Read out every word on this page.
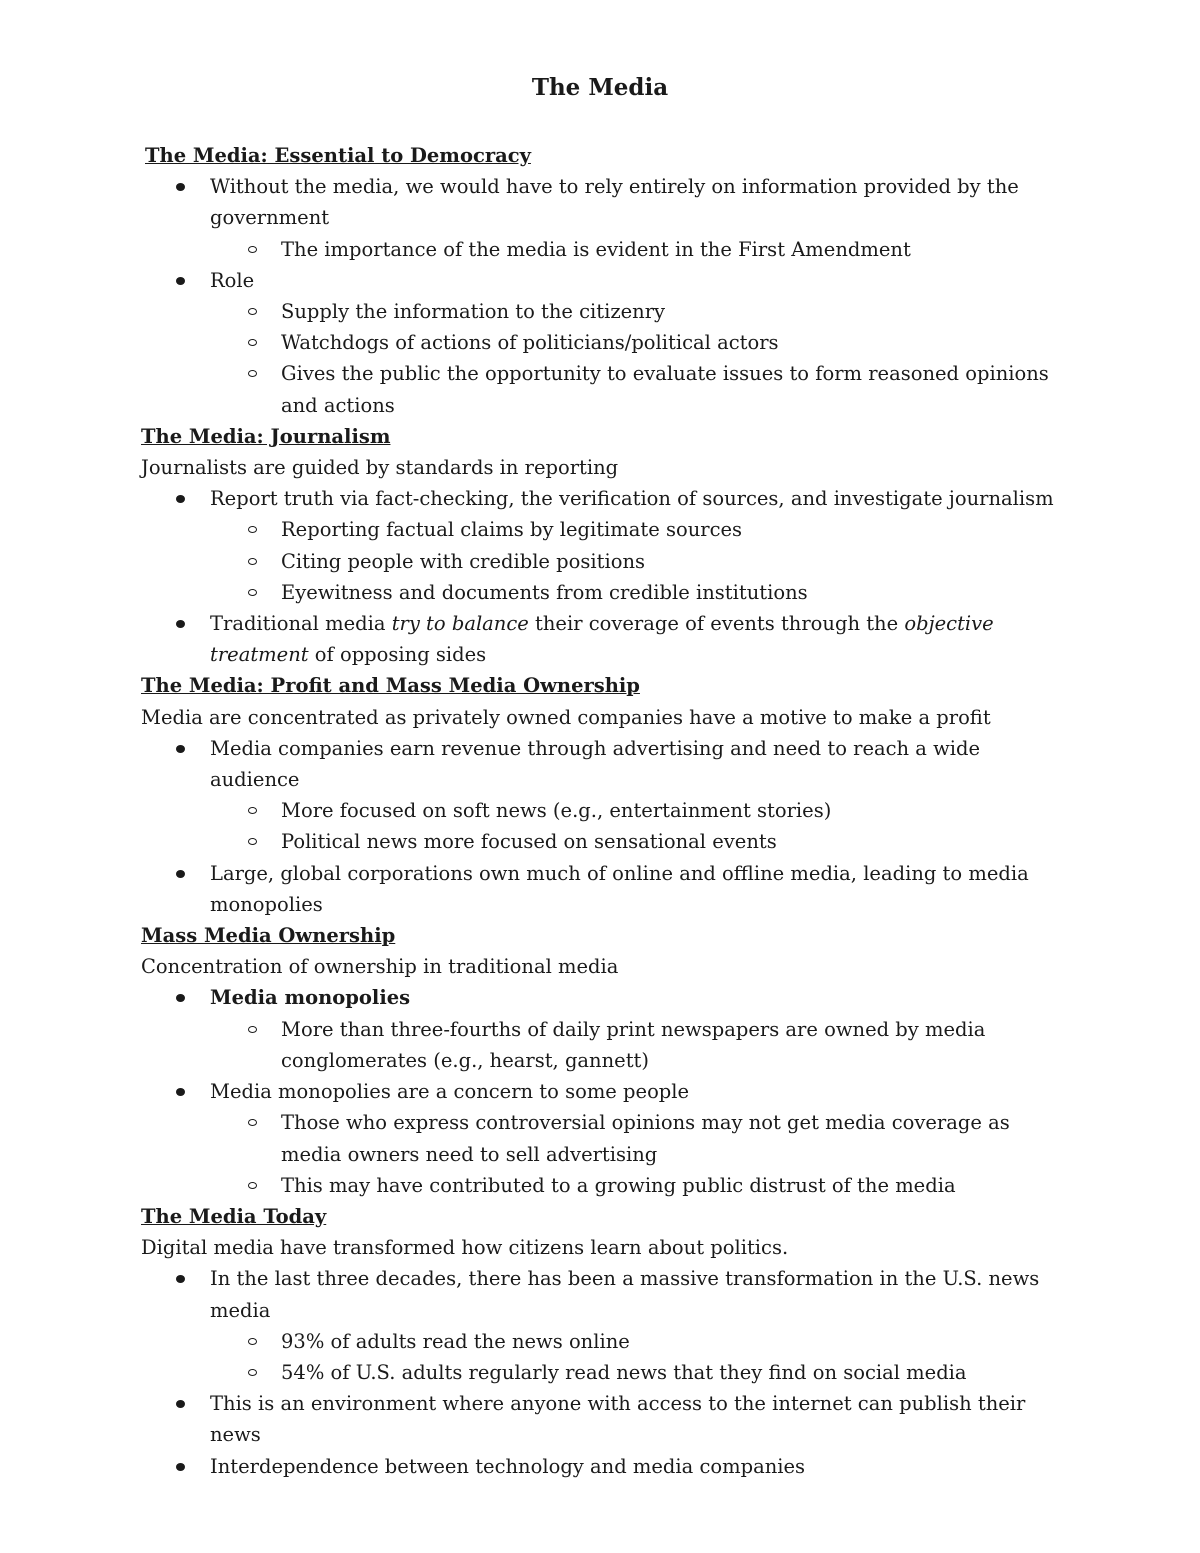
The Media
The Media: Essential to Democracy
Without the media, we would have to rely entirely on information provided by the government
The importance of the media is evident in the First Amendment
Role
Supply the information to the citizenry
Watchdogs of actions of politicians/political actors
Gives the public the opportunity to evaluate issues to form reasoned opinions and actions
The Media: Journalism

Journalists are guided by standards in reporting

Report truth via fact-checking, the verification of sources, and investigate journalism
Reporting factual claims by legitimate sources
Citing people with credible positions
Eyewitness and documents from credible institutions
Traditional media try to balance their coverage of events through the objective treatment of opposing sides
The Media: Profit and Mass Media Ownership

Media are concentrated as privately owned companies have a motive to make a profit

Media companies earn revenue through advertising and need to reach a wide audience
More focused on soft news (e.g., entertainment stories)
Political news more focused on sensational events
Large, global corporations own much of online and offline media, leading to media monopolies
Mass Media Ownership

Concentration of ownership in traditional media

Media monopolies
More than three-fourths of daily print newspapers are owned by media conglomerates (e.g., hearst, gannett)
Media monopolies are a concern to some people
Those who express controversial opinions may not get media coverage as media owners need to sell advertising
This may have contributed to a growing public distrust of the media
The Media Today

Digital media have transformed how citizens learn about politics.

In the last three decades, there has been a massive transformation in the U.S. news media
93% of adults read the news online
54% of U.S. adults regularly read news that they find on social media
This is an environment where anyone with access to the internet can publish their news
Interdependence between technology and media companies
